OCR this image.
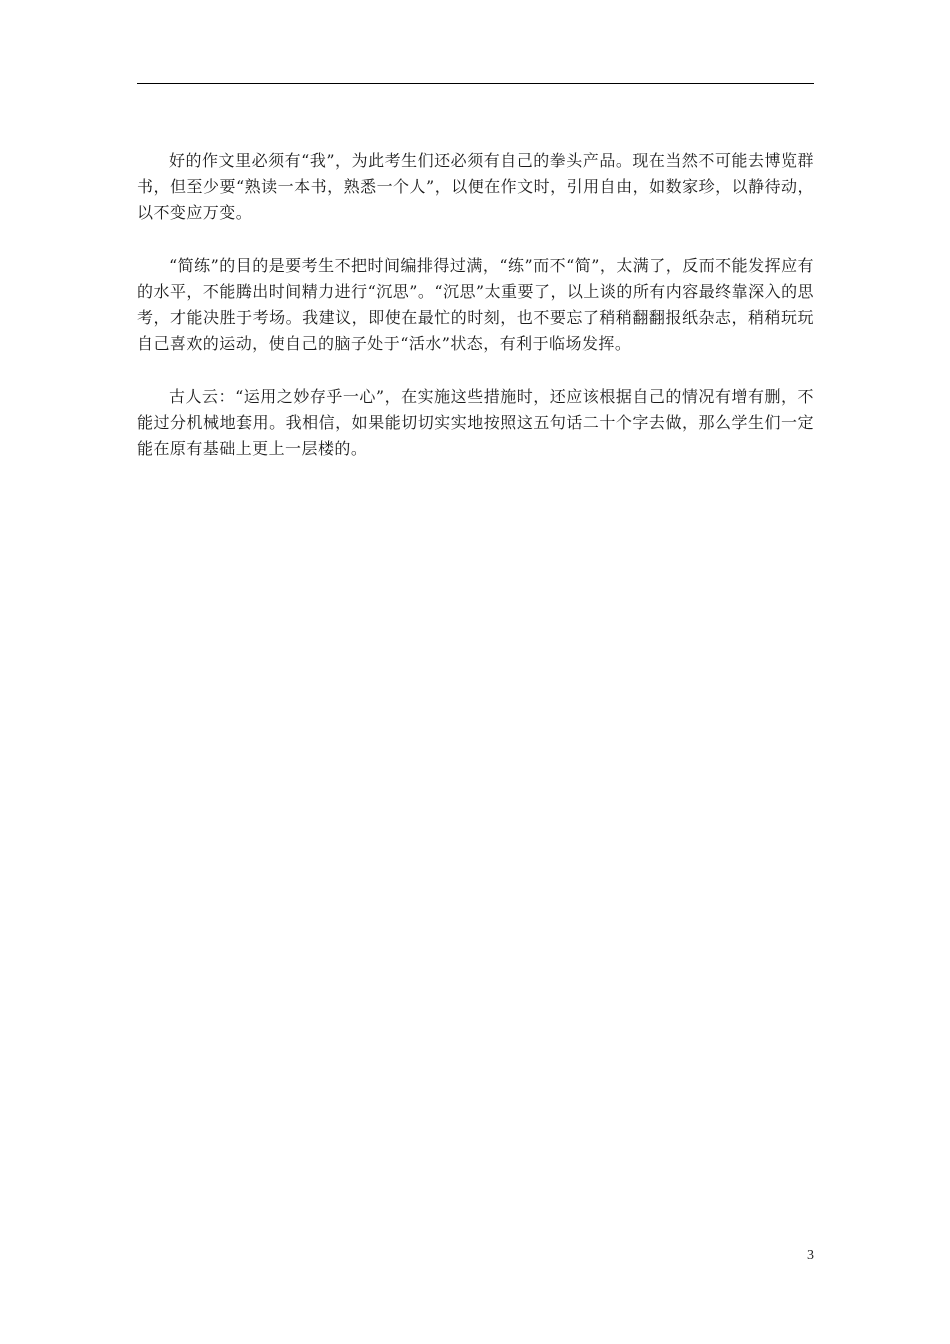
好的作文里必须有“我”，为此考生们还必须有自己的拳头产品。现在当然不可能去博览群书，但至少要“熟读一本书，熟悉一个人”，以便在作文时，引用自由，如数家珍，以静待动，以不变应万变。

“简练”的目的是要考生不把时间编排得过满，“练”而不“简”，太满了，反而不能发挥应有的水平，不能腾出时间精力进行“沉思”。“沉思”太重要了，以上谈的所有内容最终靠深入的思考，才能决胜于考场。我建议，即使在最忙的时刻，也不要忘了稍稍翻翻报纸杂志，稍稍玩玩自己喜欢的运动，使自己的脑子处于“活水”状态，有利于临场发挥。

古人云：“运用之妙存乎一心”，在实施这些措施时，还应该根据自己的情况有增有删，不能过分机械地套用。我相信，如果能切切实实地按照这五句话二十个字去做，那么学生们一定能在原有基础上更上一层楼的。

3
